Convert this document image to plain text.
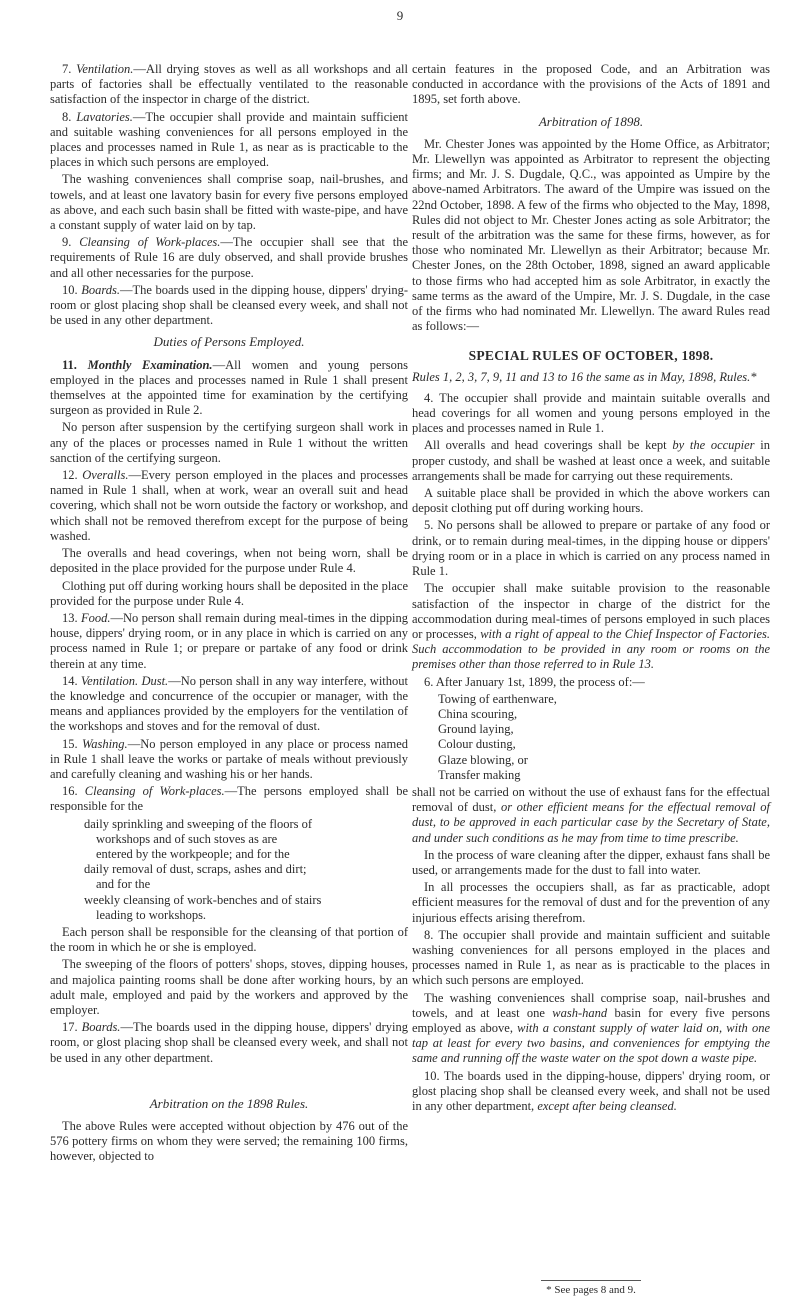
9

7. Ventilation.—All drying stoves as well as all workshops and all parts of factories shall be effectually ventilated to the reasonable satisfaction of the inspector in charge of the district.

8. Lavatories.—The occupier shall provide and maintain sufficient and suitable washing conveniences for all persons employed in the places and processes named in Rule 1, as near as is practicable to the places in which such persons are employed.

The washing conveniences shall comprise soap, nail-brushes, and towels, and at least one lavatory basin for every five persons employed as above, and each such basin shall be fitted with waste-pipe, and have a constant supply of water laid on by tap.

9. Cleansing of Work-places.—The occupier shall see that the requirements of Rule 16 are duly observed, and shall provide brushes and all other necessaries for the purpose.

10. Boards.—The boards used in the dipping house, dippers' drying-room or glost placing shop shall be cleansed every week, and shall not be used in any other department.

Duties of Persons Employed.

11. Monthly Examination.—All women and young persons employed in the places and processes named in Rule 1 shall present themselves at the appointed time for examination by the certifying surgeon as provided in Rule 2.

No person after suspension by the certifying surgeon shall work in any of the places or processes named in Rule 1 without the written sanction of the certifying surgeon.

12. Overalls.—Every person employed in the places and processes named in Rule 1 shall, when at work, wear an overall suit and head covering, which shall not be worn outside the factory or workshop, and which shall not be removed therefrom except for the purpose of being washed.

The overalls and head coverings, when not being worn, shall be deposited in the place provided for the purpose under Rule 4.

Clothing put off during working hours shall be deposited in the place provided for the purpose under Rule 4.

13. Food.—No person shall remain during meal-times in the dipping house, dippers' drying room, or in any place in which is carried on any process named in Rule 1; or prepare or partake of any food or drink therein at any time.

14. Ventilation. Dust.—No person shall in any way interfere, without the knowledge and concurrence of the occupier or manager, with the means and appliances provided by the employers for the ventilation of the workshops and stoves and for the removal of dust.

15. Washing.—No person employed in any place or process named in Rule 1 shall leave the works or partake of meals without previously and carefully cleaning and washing his or her hands.

16. Cleansing of Work-places.—The persons employed shall be responsible for the

daily sprinkling and sweeping of the floors of
workshops and of such stoves as are
entered by the workpeople; and for the
daily removal of dust, scraps, ashes and dirt;
and for the
weekly cleansing of work-benches and of stairs
leading to workshops.

Each person shall be responsible for the cleansing of that portion of the room in which he or she is employed.

The sweeping of the floors of potters' shops, stoves, dipping houses, and majolica painting rooms shall be done after working hours, by an adult male, employed and paid by the workers and approved by the employer.

17. Boards.—The boards used in the dipping house, dippers' drying room, or glost placing shop shall be cleansed every week, and shall not be used in any other department.

Arbitration on the 1898 Rules.

The above Rules were accepted without objection by 476 out of the 576 pottery firms on whom they were served; the remaining 100 firms, however, objected to

certain features in the proposed Code, and an Arbitration was conducted in accordance with the provisions of the Acts of 1891 and 1895, set forth above.

Arbitration of 1898.

Mr. Chester Jones was appointed by the Home Office, as Arbitrator; Mr. Llewellyn was appointed as Arbitrator to represent the objecting firms; and Mr. J. S. Dugdale, Q.C., was appointed as Umpire by the above-named Arbitrators. The award of the Umpire was issued on the 22nd October, 1898. A few of the firms who objected to the May, 1898, Rules did not object to Mr. Chester Jones acting as sole Arbitrator; the result of the arbitration was the same for these firms, however, as for those who nominated Mr. Llewellyn as their Arbitrator; because Mr. Chester Jones, on the 28th October, 1898, signed an award applicable to those firms who had accepted him as sole Arbitrator, in exactly the same terms as the award of the Umpire, Mr. J. S. Dugdale, in the case of the firms who had nominated Mr. Llewellyn. The award Rules read as follows:—

SPECIAL RULES OF OCTOBER, 1898.

Rules 1, 2, 3, 7, 9, 11 and 13 to 16 the same as in May, 1898, Rules.*

4. The occupier shall provide and maintain suitable overalls and head coverings for all women and young persons employed in the places and processes named in Rule 1.

All overalls and head coverings shall be kept by the occupier in proper custody, and shall be washed at least once a week, and suitable arrangements shall be made for carrying out these requirements.

A suitable place shall be provided in which the above workers can deposit clothing put off during working hours.

5. No persons shall be allowed to prepare or partake of any food or drink, or to remain during meal-times, in the dipping house or dippers' drying room or in a place in which is carried on any process named in Rule 1.

The occupier shall make suitable provision to the reasonable satisfaction of the inspector in charge of the district for the accommodation during meal-times of persons employed in such places or processes, with a right of appeal to the Chief Inspector of Factories. Such accommodation to be provided in any room or rooms on the premises other than those referred to in Rule 13.

6. After January 1st, 1899, the process of:—

Towing of earthenware,
China scouring,
Ground laying,
Colour dusting,
Glaze blowing, or
Transfer making

shall not be carried on without the use of exhaust fans for the effectual removal of dust, or other efficient means for the effectual removal of dust, to be approved in each particular case by the Secretary of State, and under such conditions as he may from time to time prescribe.

In the process of ware cleaning after the dipper, exhaust fans shall be used, or arrangements made for the dust to fall into water.

In all processes the occupiers shall, as far as practicable, adopt efficient measures for the removal of dust and for the prevention of any injurious effects arising therefrom.

8. The occupier shall provide and maintain sufficient and suitable washing conveniences for all persons employed in the places and processes named in Rule 1, as near as is practicable to the places in which such persons are employed.

The washing conveniences shall comprise soap, nail-brushes and towels, and at least one wash-hand basin for every five persons employed as above, with a constant supply of water laid on, with one tap at least for every two basins, and conveniences for emptying the same and running off the waste water on the spot down a waste pipe.

10. The boards used in the dipping-house, dippers' drying room, or glost placing shop shall be cleansed every week, and shall not be used in any other department, except after being cleansed.

* See pages 8 and 9.
